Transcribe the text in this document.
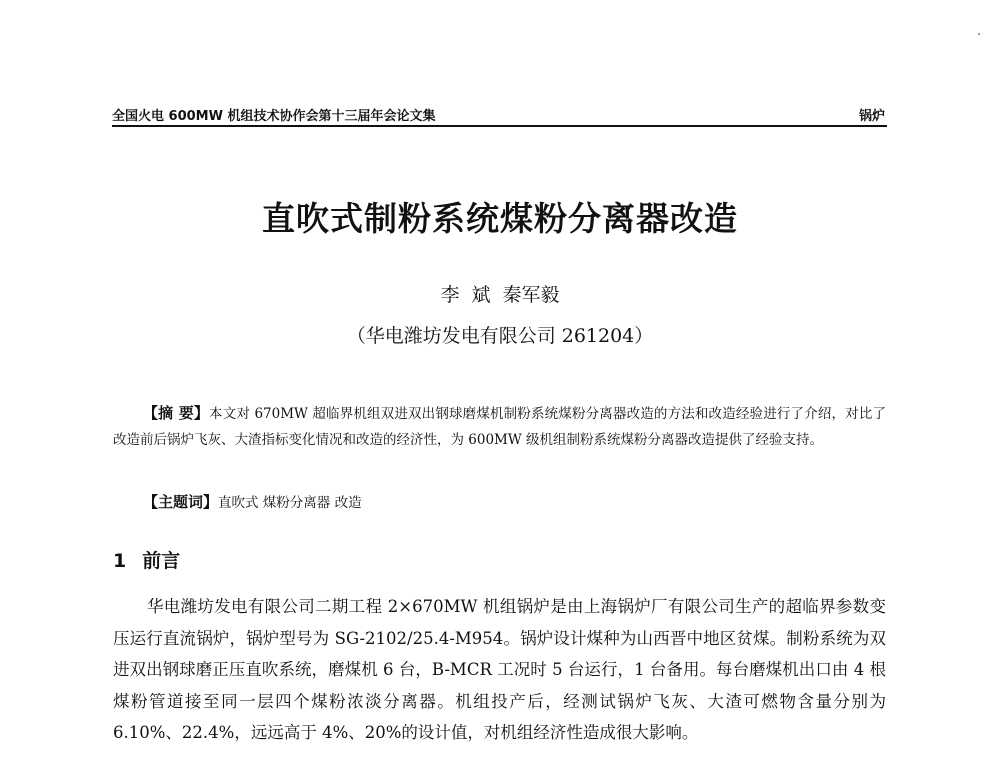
全国火电 600MW 机组技术协作会第十三届年会论文集	锅炉
直吹式制粉系统煤粉分离器改造
李 斌 秦军毅
（华电潍坊发电有限公司 261204）
【摘 要】本文对 670MW 超临界机组双进双出钢球磨煤机制粉系统煤粉分离器改造的方法和改造经验进行了介绍，对比了改造前后锅炉飞灰、大渣指标变化情况和改造的经济性，为 600MW 级机组制粉系统煤粉分离器改造提供了经验支持。
【主题词】直吹式 煤粉分离器 改造
1 前言
华电潍坊发电有限公司二期工程 2×670MW 机组锅炉是由上海锅炉厂有限公司生产的超临界参数变压运行直流锅炉，锅炉型号为 SG-2102/25.4-M954。锅炉设计煤种为山西晋中地区贫煤。制粉系统为双进双出钢球磨正压直吹系统，磨煤机 6 台，B-MCR 工况时 5 台运行，1 台备用。每台磨煤机出口由 4 根煤粉管道接至同一层四个煤粉浓淡分离器。机组投产后，经测试锅炉飞灰、大渣可燃物含量分别为 6.10%、22.4%，远远高于 4%、20%的设计值，对机组经济性造成很大影响。
